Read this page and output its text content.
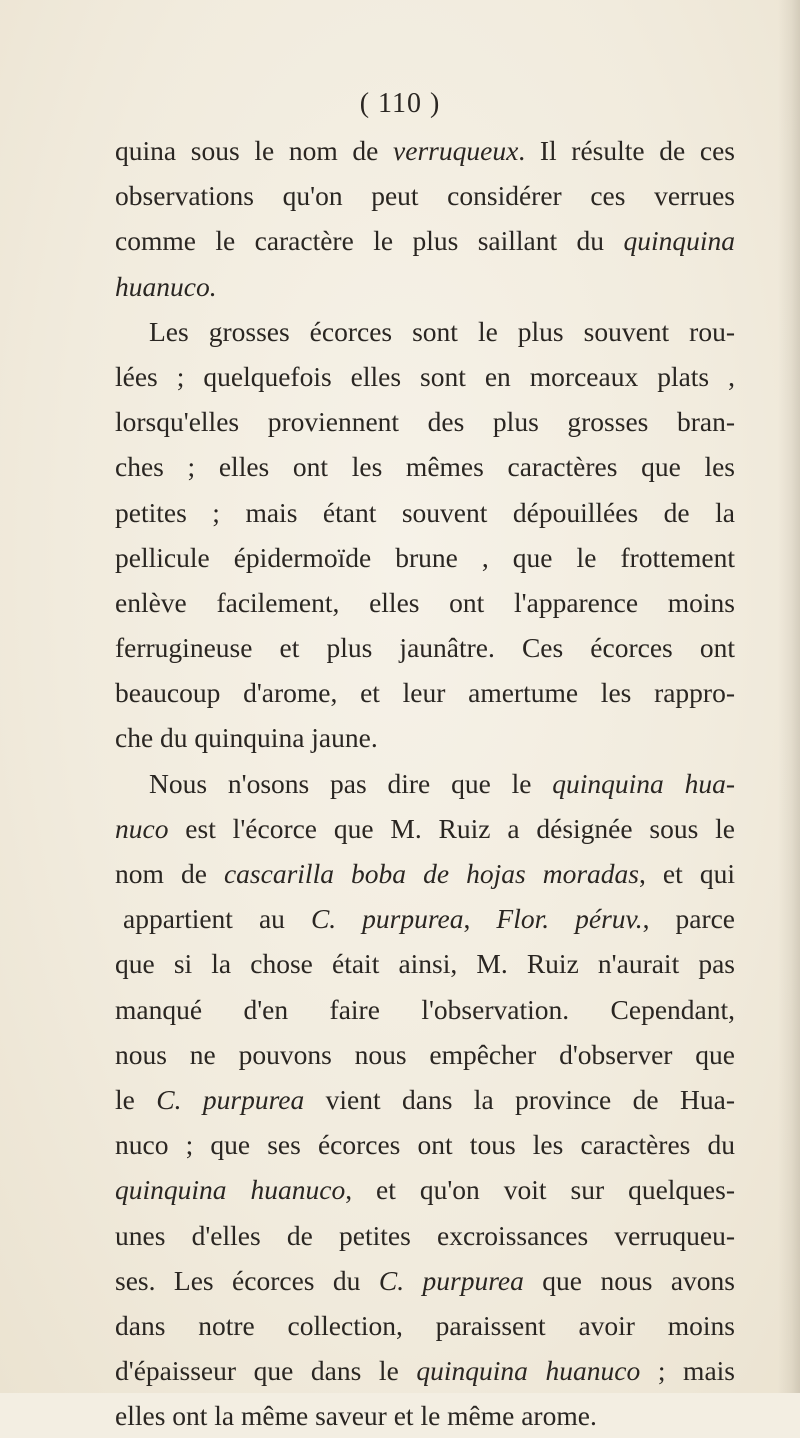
( 110 )
quina sous le nom de verruqueux. Il résulte de ces
observations qu'on peut considérer ces verrues
comme le caractère le plus saillant du quinquina
huanuco.
Les grosses écorces sont le plus souvent rou-
lées ; quelquefois elles sont en morceaux plats ,
lorsqu'elles proviennent des plus grosses bran-
ches ; elles ont les mêmes caractères que les
petites ; mais étant souvent dépouillées de la
pellicule épidermoïde brune , que le frottement
enlève facilement, elles ont l'apparence moins
ferrugineuse et plus jaunâtre. Ces écorces ont
beaucoup d'arome, et leur amertume les rappro-
che du quinquina jaune.
Nous n'osons pas dire que le quinquina hua-
nuco est l'écorce que M. Ruiz a désignée sous le
nom de cascarilla boba de hojas moradas, et qui
appartient au C. purpurea, Flor. péruv., parce
que si la chose était ainsi, M. Ruiz n'aurait pas
manqué d'en faire l'observation. Cependant,
nous ne pouvons nous empêcher d'observer que
le C. purpurea vient dans la province de Hua-
nuco ; que ses écorces ont tous les caractères du
quinquina huanuco, et qu'on voit sur quelques-
unes d'elles de petites excroissances verruqueu-
ses. Les écorces du C. purpurea que nous avons
dans notre collection, paraissent avoir moins
d'épaisseur que dans le quinquina huanuco ; mais
elles ont la même saveur et le même arome.
